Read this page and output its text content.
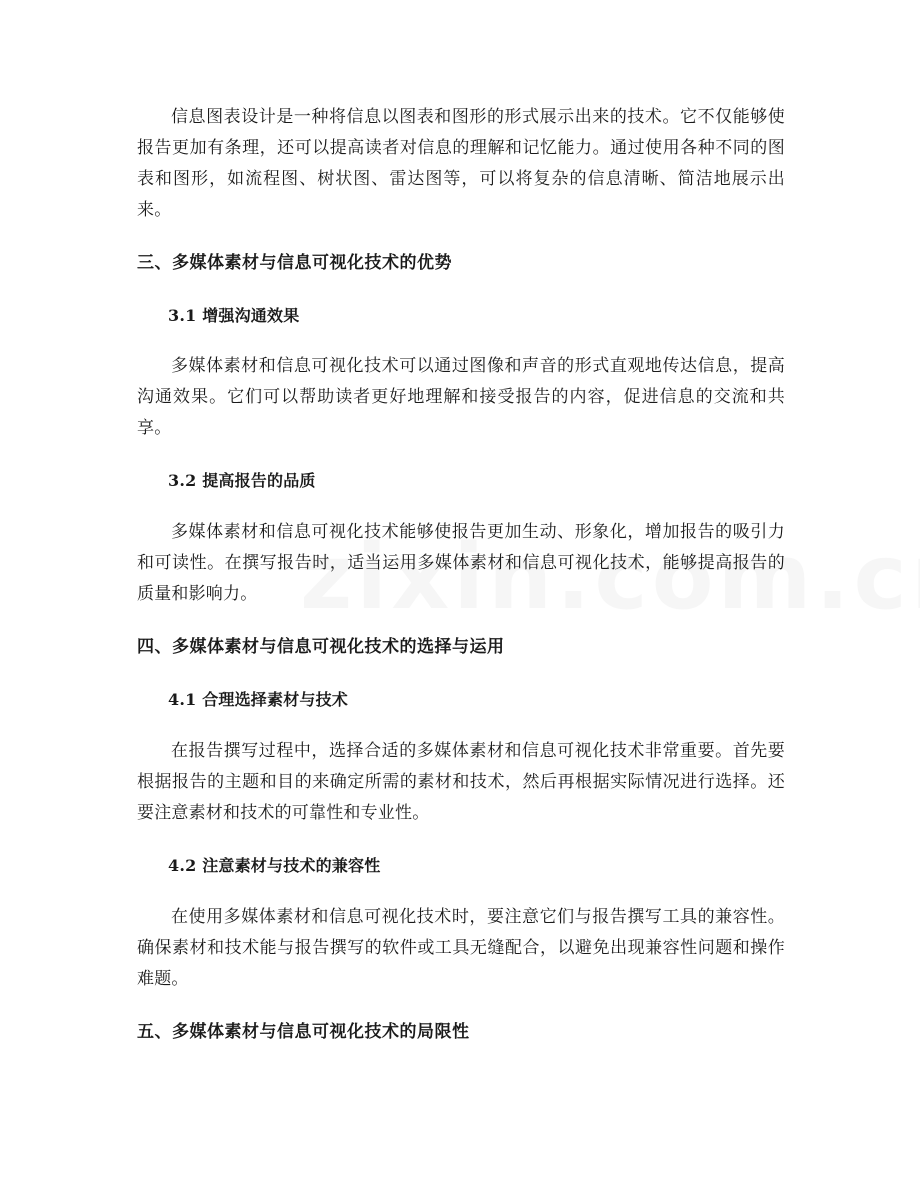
信息图表设计是一种将信息以图表和图形的形式展示出来的技术。它不仅能够使报告更加有条理，还可以提高读者对信息的理解和记忆能力。通过使用各种不同的图表和图形，如流程图、树状图、雷达图等，可以将复杂的信息清晰、简洁地展示出来。

三、多媒体素材与信息可视化技术的优势
3.1 增强沟通效果

多媒体素材和信息可视化技术可以通过图像和声音的形式直观地传达信息，提高沟通效果。它们可以帮助读者更好地理解和接受报告的内容，促进信息的交流和共享。

3.2 提高报告的品质

多媒体素材和信息可视化技术能够使报告更加生动、形象化，增加报告的吸引力和可读性。在撰写报告时，适当运用多媒体素材和信息可视化技术，能够提高报告的质量和影响力。

四、多媒体素材与信息可视化技术的选择与运用
4.1 合理选择素材与技术

在报告撰写过程中，选择合适的多媒体素材和信息可视化技术非常重要。首先要根据报告的主题和目的来确定所需的素材和技术，然后再根据实际情况进行选择。还要注意素材和技术的可靠性和专业性。

4.2 注意素材与技术的兼容性

在使用多媒体素材和信息可视化技术时，要注意它们与报告撰写工具的兼容性。确保素材和技术能与报告撰写的软件或工具无缝配合，以避免出现兼容性问题和操作难题。

五、多媒体素材与信息可视化技术的局限性
